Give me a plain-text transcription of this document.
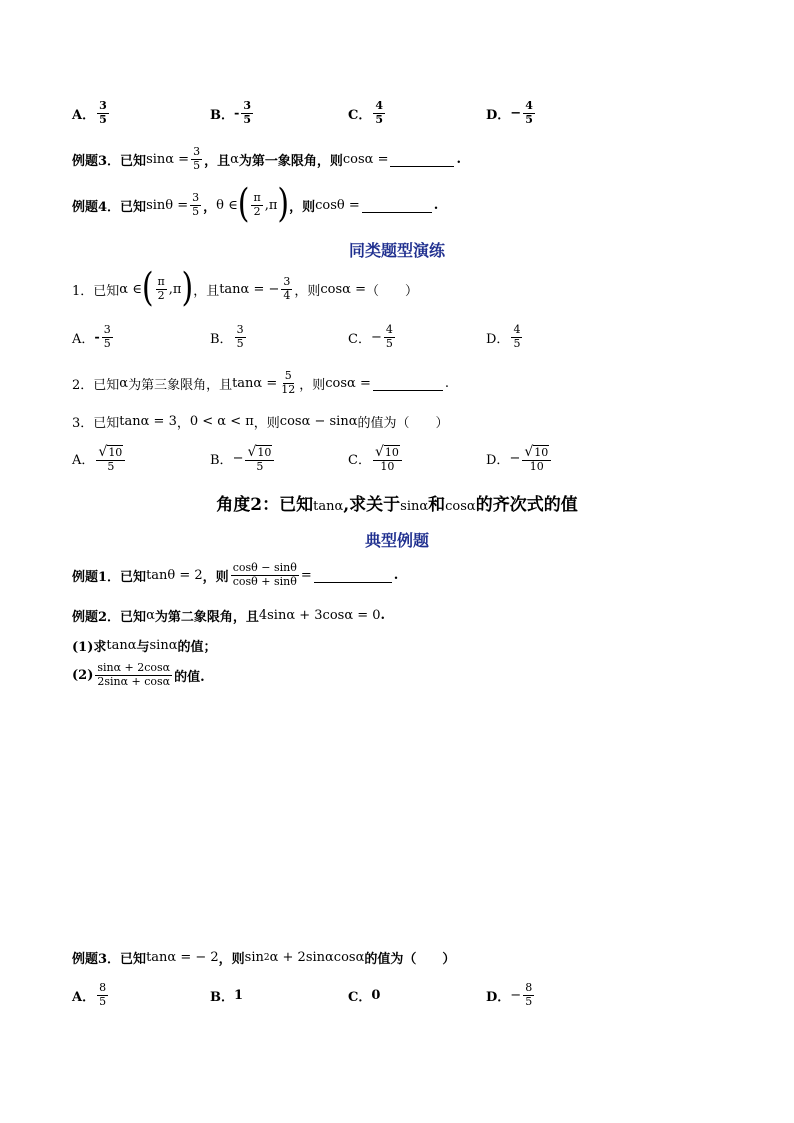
A． $\frac{3}{5}$	B． - $\frac{3}{5}$	C． $\frac{4}{5}$	D． − $\frac{4}{5}$
例题3． 已知 $\sin\alpha = \frac{3}{5}$ ，且 α 为第一象限角，则 cosα =	.
例题4． 已知 $\sin\theta = \frac{3}{5}$ ， θ ∈ ( $\frac{\pi}{2} ,\pi$ ) ，则 cosθ =	.
同类题型演练
1．已知 α ∈ ( $\frac{\pi}{2} ,\pi$ ) ，且 tanα = − $\frac{3}{4}$ ，则 cosα = （　　）
A． - $\frac{3}{5}$	B． $\frac{3}{5}$	C． − $\frac{4}{5}$	D． $\frac{4}{5}$
2．已知 α 为第三象限角，且 $\tan\alpha = \frac{5}{12}$ ，则 cosα =	.
3．已知 tanα = 3 ， 0 < α < π ，则 cosα − sinα 的值为（　　）
A． $\frac{√10}{5}$	B． − $\frac{√10}{5}$	C． $\frac{√10}{10}$	D． − $\frac{√10}{10}$
角度2：已知tanα,求关于sinα和cosα的齐次式的值
典型例题
例题1． 已知 tanθ = 2 ，则 $\frac{\cos\theta - \sin\theta}{\cos\theta + \sin\theta}$ =	.
例题2． 已知 α 为第二象限角，且 4sinα + 3cosα = 0 .
(1)求 tanα 与 sinα 的值；
$(2) \frac{\sin\alpha + 2\cos\alpha}{2\sin\alpha + \cos\alpha}$ 的值.
例题3． 已知 tanα = − 2 ，则 sin 2 α + 2sinαcosα 的值为（　　）
A． $\frac{8}{5}$	B． 1	C． 0	D． − $\frac{8}{5}$
